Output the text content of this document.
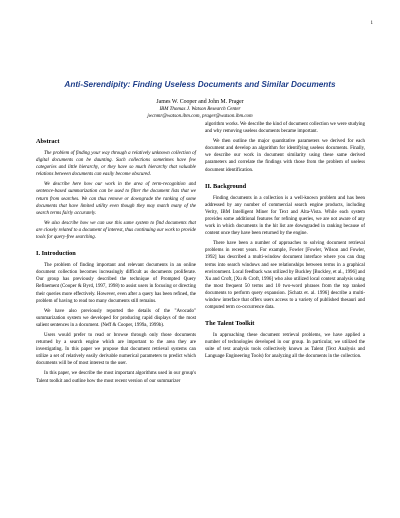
1
Anti-Serendipity: Finding Useless Documents and Similar Documents
James W. Cooper and John M. Prager
IBM Thomas J. Watson Research Center
jwcnmr@watson.ibm.com, prager@watson.ibm.com
Abstract

The problem of finding your way through a relatively unknown collection of digital documents can be daunting. Such collections sometimes have few categories and little hierarchy, or they have so much hierarchy that valuable relations between documents can easily become obscured.

We describe here how our work in the area of term-recognition and sentence-based summarization can be used to filter the document lists that we return from searches. We can thus remove or downgrade the ranking of some documents that have limited utility even though they may match many of the search terms fairly accurately.

We also describe how we can use this same system to find documents that are closely related to a document of interest, thus continuing our work to provide tools for query-free searching.

I. Introduction

The problem of finding important and relevant documents in an online document collection becomes increasingly difficult as documents proliferate. Our group has previously described the technique of Prompted Query Refinement (Cooper & Byrd, 1997, 1998) to assist users in focusing or directing their queries more effectively. However, even after a query has been refined, the problem of having to read too many documents still remains.

We have also previously reported the details of the "Avocado" summarization system we developed for producing rapid displays of the most salient sentences in a document. (Neff & Cooper, 1999a, 1999b).

Users would prefer to read or browse through only those documents returned by a search engine which are important to the area they are investigating. In this paper we propose that document retrieval systems can utilize a set of relatively easily derivable numerical parameters to predict which documents will be of most interest to the user.

In this paper, we describe the most important algorithms used in our group's Talent toolkit and outline how the most recent version of our summarizer

algorithm works. We describe the kind of document collection we were studying and why removing useless documents became important.

We then outline the major quantitative parameters we derived for each document and develop an algorithm for identifying useless documents. Finally, we describe our work in document similarity using these same derived parameters and correlate the findings with those from the problem of useless document identification.

II. Background

Finding documents in a collection is a well-known problem and has been addressed by any number of commercial search engine products, including Verity, IBM Intelligent Miner for Text and Alta-Vista. While each system provides some additional features for refining queries, we are not aware of any work in which documents in the hit list are downgraded in ranking because of content once they have been returned by the engine.

There have been a number of approaches to solving document retrieval problems in recent years. For example, Fowler [Fowler, Wilson and Fowler, 1992] has described a multi-window document interface where you can drag terms into search windows and see relationships between terms in a graphical environment. Local feedback was utilized by Buckley [Buckley, et al., 1996] and Xu and Croft, [Xu & Croft, 1996] who also utilized local context analysis using the most frequent 50 terms and 10 two-word phrases from the top ranked documents to perform query expansion. [Schatz et. al. 1996] describe a multi-window interface that offers users access to a variety of published thesauri and computed term co-occurrence data.

The Talent Toolkit

In approaching these document retrieval problems, we have applied a number of technologies developed in our group. In particular, we utilized the suite of text analysis tools collectively known as Talent (Text Analysis and Language Engineering Tools) for analyzing all the documents in the collection.
